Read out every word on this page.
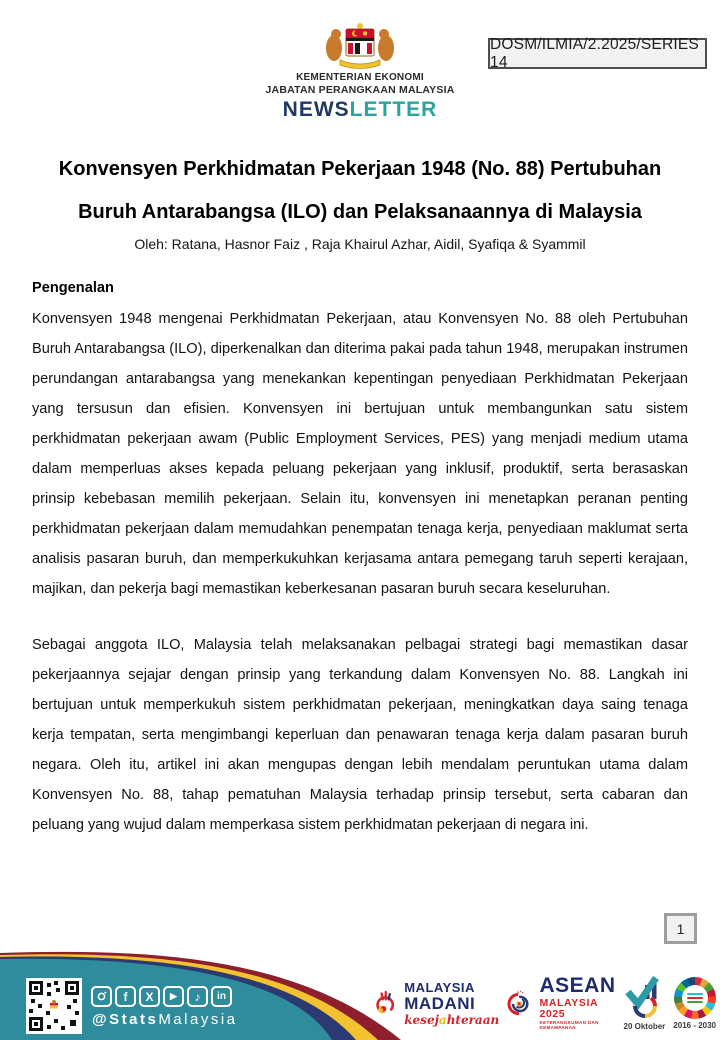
KEMENTERIAN EKONOMI
JABATAN PERANGKAAN MALAYSIA
NEWSLETTER
DOSM/ILMIA/2.2025/SERIES 14
Konvensyen Perkhidmatan Pekerjaan 1948 (No. 88) Pertubuhan
Buruh Antarabangsa (ILO) dan Pelaksanaannya di Malaysia
Oleh: Ratana, Hasnor Faiz , Raja Khairul Azhar, Aidil, Syafiqa & Syammil
Pengenalan

Konvensyen 1948 mengenai Perkhidmatan Pekerjaan, atau Konvensyen No. 88 oleh Pertubuhan Buruh Antarabangsa (ILO), diperkenalkan dan diterima pakai pada tahun 1948, merupakan instrumen perundangan antarabangsa yang menekankan kepentingan penyediaan Perkhidmatan Pekerjaan yang tersusun dan efisien. Konvensyen ini bertujuan untuk membangunkan satu sistem perkhidmatan pekerjaan awam (Public Employment Services, PES) yang menjadi medium utama dalam memperluas akses kepada peluang pekerjaan yang inklusif, produktif, serta berasaskan prinsip kebebasan memilih pekerjaan. Selain itu, konvensyen ini menetapkan peranan penting perkhidmatan pekerjaan dalam memudahkan penempatan tenaga kerja, penyediaan maklumat serta analisis pasaran buruh, dan memperkukuhkan kerjasama antara pemegang taruh seperti kerajaan, majikan, dan pekerja bagi memastikan keberkesanan pasaran buruh secara keseluruhan.

Sebagai anggota ILO, Malaysia telah melaksanakan pelbagai strategi bagi memastikan dasar pekerjaannya sejajar dengan prinsip yang terkandung dalam Konvensyen No. 88. Langkah ini bertujuan untuk memperkukuh sistem perkhidmatan pekerjaan, meningkatkan daya saing tenaga kerja tempatan, serta mengimbangi keperluan dan penawaran tenaga kerja dalam pasaran buruh negara. Oleh itu, artikel ini akan mengupas dengan lebih mendalam peruntukan utama dalam Konvensyen No. 88, tahap pematuhan Malaysia terhadap prinsip tersebut, serta cabaran dan peluang yang wujud dalam memperkasa sistem perkhidmatan pekerjaan di negara ini.

1
f	X	▶	♪	in
@StatsMalaysia
MALAYSIA
MADANI
kesejahteraan
ASEAN
MALAYSIA 2025
KETERANGKUMAN DAN KEMAMPANAN	20 Oktober 2016 - 2030
